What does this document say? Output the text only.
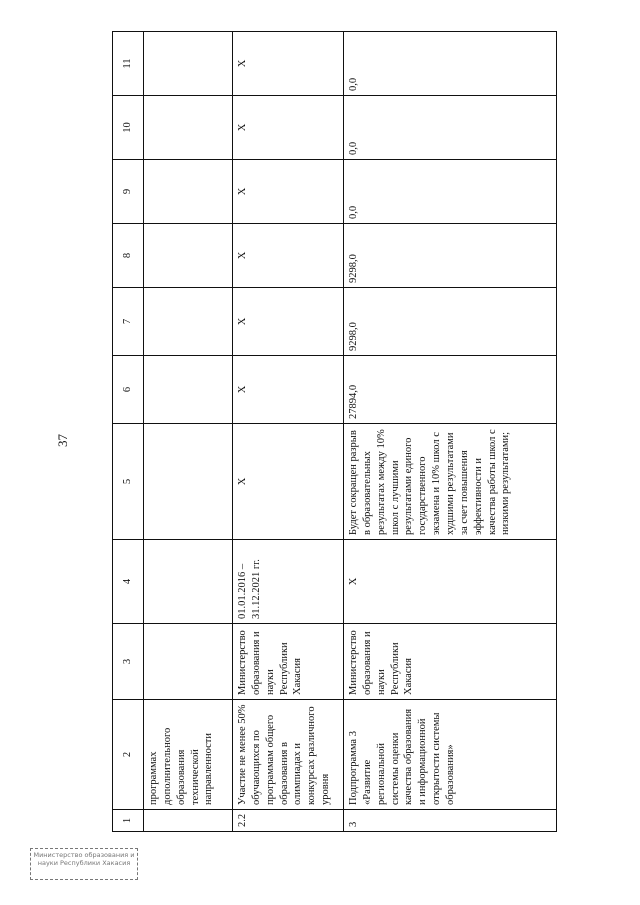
37
1	2	3	4	5	6	7	8	9	10	11
	программах дополнительного образования технической направленности									
2.2	Участие не менее 50% обучающихся по программам общего образования в олимпиадах и конкурсах различного уровня	Министерство образования и науки Республики Хакасия	01.01.2016 – 31.12.2021 гг.	Х	Х	Х	Х	Х	Х	Х
3	Подпрограмма 3 «Развитие региональной системы оценки качества образования и информационной открытости системы образования»	Министерство образования и науки Республики Хакасия	Х	Будет сокращен разрыв в образовательных результатах между 10% школ с лучшими результатами единого государственного экзамена и 10% школ с худшими результатами за счет повышения эффективности и качества работы школ с низкими результатами;	27894,0	9298,0	9298,0	0,0	0,0	0,0
Министерство образования и науки Республики Хакасия
